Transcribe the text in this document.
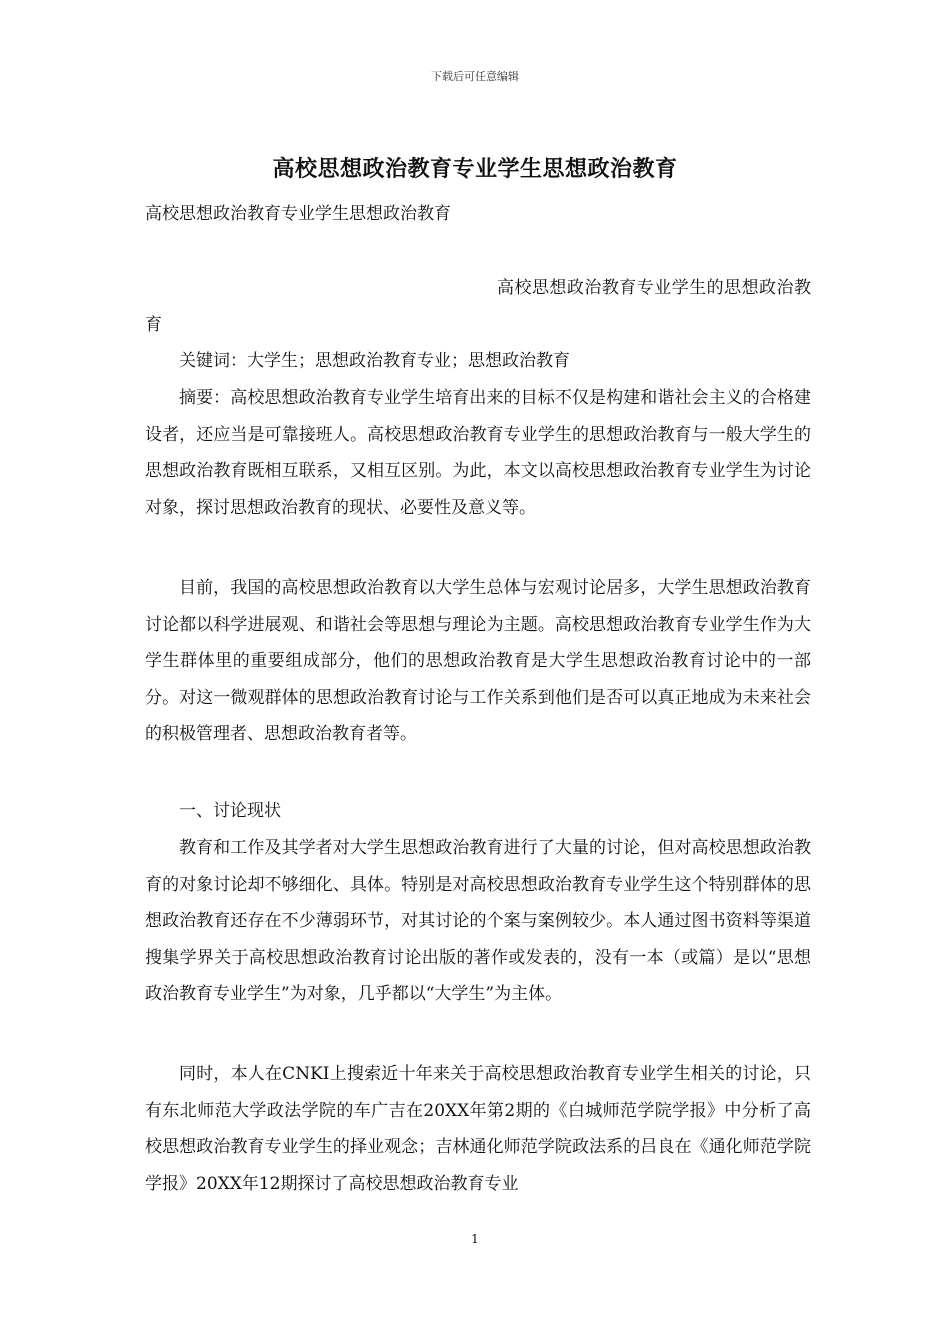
下载后可任意编辑
高校思想政治教育专业学生思想政治教育

高校思想政治教育专业学生思想政治教育

高校思想政治教育专业学生的思想政治教育

关键词：大学生；思想政治教育专业；思想政治教育

摘要：高校思想政治教育专业学生培育出来的目标不仅是构建和谐社会主义的合格建设者，还应当是可靠接班人。高校思想政治教育专业学生的思想政治教育与一般大学生的思想政治教育既相互联系，又相互区别。为此，本文以高校思想政治教育专业学生为讨论对象，探讨思想政治教育的现状、必要性及意义等。

目前，我国的高校思想政治教育以大学生总体与宏观讨论居多，大学生思想政治教育讨论都以科学进展观、和谐社会等思想与理论为主题。高校思想政治教育专业学生作为大学生群体里的重要组成部分，他们的思想政治教育是大学生思想政治教育讨论中的一部分。对这一微观群体的思想政治教育讨论与工作关系到他们是否可以真正地成为未来社会的积极管理者、思想政治教育者等。

一、讨论现状

教育和工作及其学者对大学生思想政治教育进行了大量的讨论，但对高校思想政治教育的对象讨论却不够细化、具体。特别是对高校思想政治教育专业学生这个特别群体的思想政治教育还存在不少薄弱环节，对其讨论的个案与案例较少。本人通过图书资料等渠道搜集学界关于高校思想政治教育讨论出版的著作或发表的，没有一本（或篇）是以“思想政治教育专业学生”为对象，几乎都以“大学生”为主体。

同时，本人在CNKI上搜索近十年来关于高校思想政治教育专业学生相关的讨论，只有东北师范大学政法学院的车广吉在20XX年第2期的《白城师范学院学报》中分析了高校思想政治教育专业学生的择业观念；吉林通化师范学院政法系的吕良在《通化师范学院学报》20XX年12期探讨了高校思想政治教育专业

1
